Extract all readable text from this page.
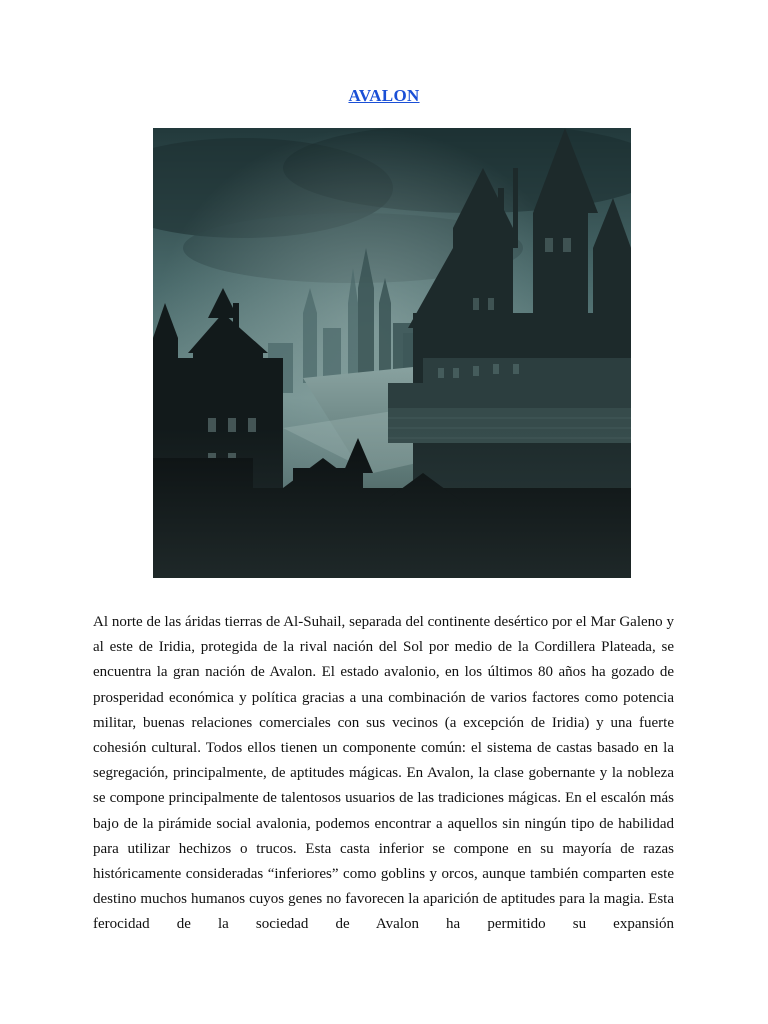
AVALON

Al norte de las áridas tierras de Al-Suhail, separada del continente desértico por el Mar Galeno y al este de Iridia, protegida de la rival nación del Sol por medio de la Cordillera Plateada, se encuentra la gran nación de Avalon. El estado avalonio, en los últimos 80 años ha gozado de prosperidad económica y política gracias a una combinación de varios factores como potencia militar, buenas relaciones comerciales con sus vecinos (a excepción de Iridia) y una fuerte cohesión cultural. Todos ellos tienen un componente común: el sistema de castas basado en la segregación, principalmente, de aptitudes mágicas. En Avalon, la clase gobernante y la nobleza se compone principalmente de talentosos usuarios de las tradiciones mágicas. En el escalón más bajo de la pirámide social avalonia, podemos encontrar a aquellos sin ningún tipo de habilidad para utilizar hechizos o trucos. Esta casta inferior se compone en su mayoría de razas históricamente consideradas “inferiores” como goblins y orcos, aunque también comparten este destino muchos humanos cuyos genes no favorecen la aparición de aptitudes para la magia. Esta ferocidad de la sociedad de Avalon ha permitido su expansión
